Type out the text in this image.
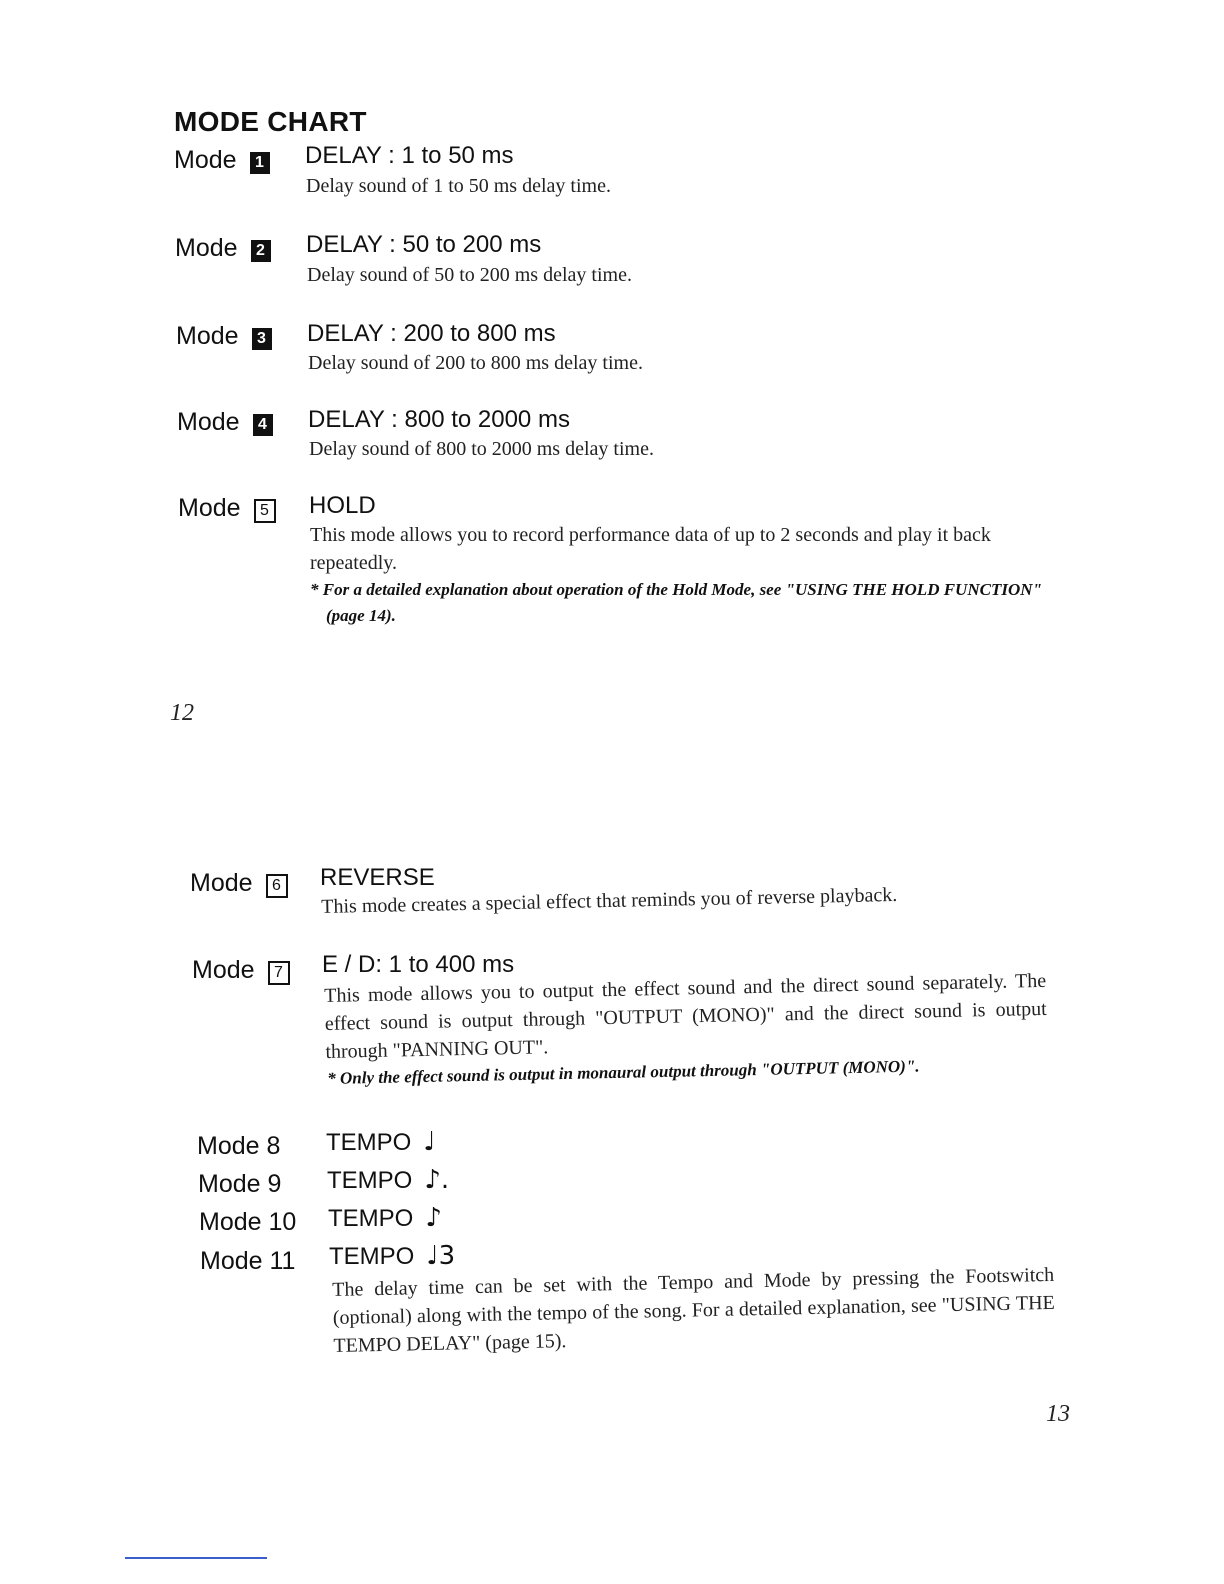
MODE CHART
Mode 1 DELAY : 1 to 50 ms
Delay sound of 1 to 50 ms delay time.
Mode 2 DELAY : 50 to 200 ms
Delay sound of 50 to 200 ms delay time.
Mode 3 DELAY : 200 to 800 ms
Delay sound of 200 to 800 ms delay time.
Mode 4 DELAY : 800 to 2000 ms
Delay sound of 800 to 2000 ms delay time.
Mode 5 HOLD
This mode allows you to record performance data of up to 2 seconds and play it back repeatedly.
* For a detailed explanation about operation of the Hold Mode, see "USING THE HOLD FUNCTION" (page 14).
12
Mode 6 REVERSE
This mode creates a special effect that reminds you of reverse playback.
Mode 7 E / D: 1 to 400 ms
This mode allows you to output the effect sound and the direct sound separately. The effect sound is output through "OUTPUT (MONO)" and the direct sound is output through "PANNING OUT".
* Only the effect sound is output in monaural output through "OUTPUT (MONO)".
Mode 8 TEMPO ♩
Mode 9 TEMPO ♪.
Mode 10 TEMPO ♪
Mode 11 TEMPO ♩3
The delay time can be set with the Tempo and Mode by pressing the Footswitch (optional) along with the tempo of the song. For a detailed explanation, see "USING THE TEMPO DELAY" (page 15).
13
